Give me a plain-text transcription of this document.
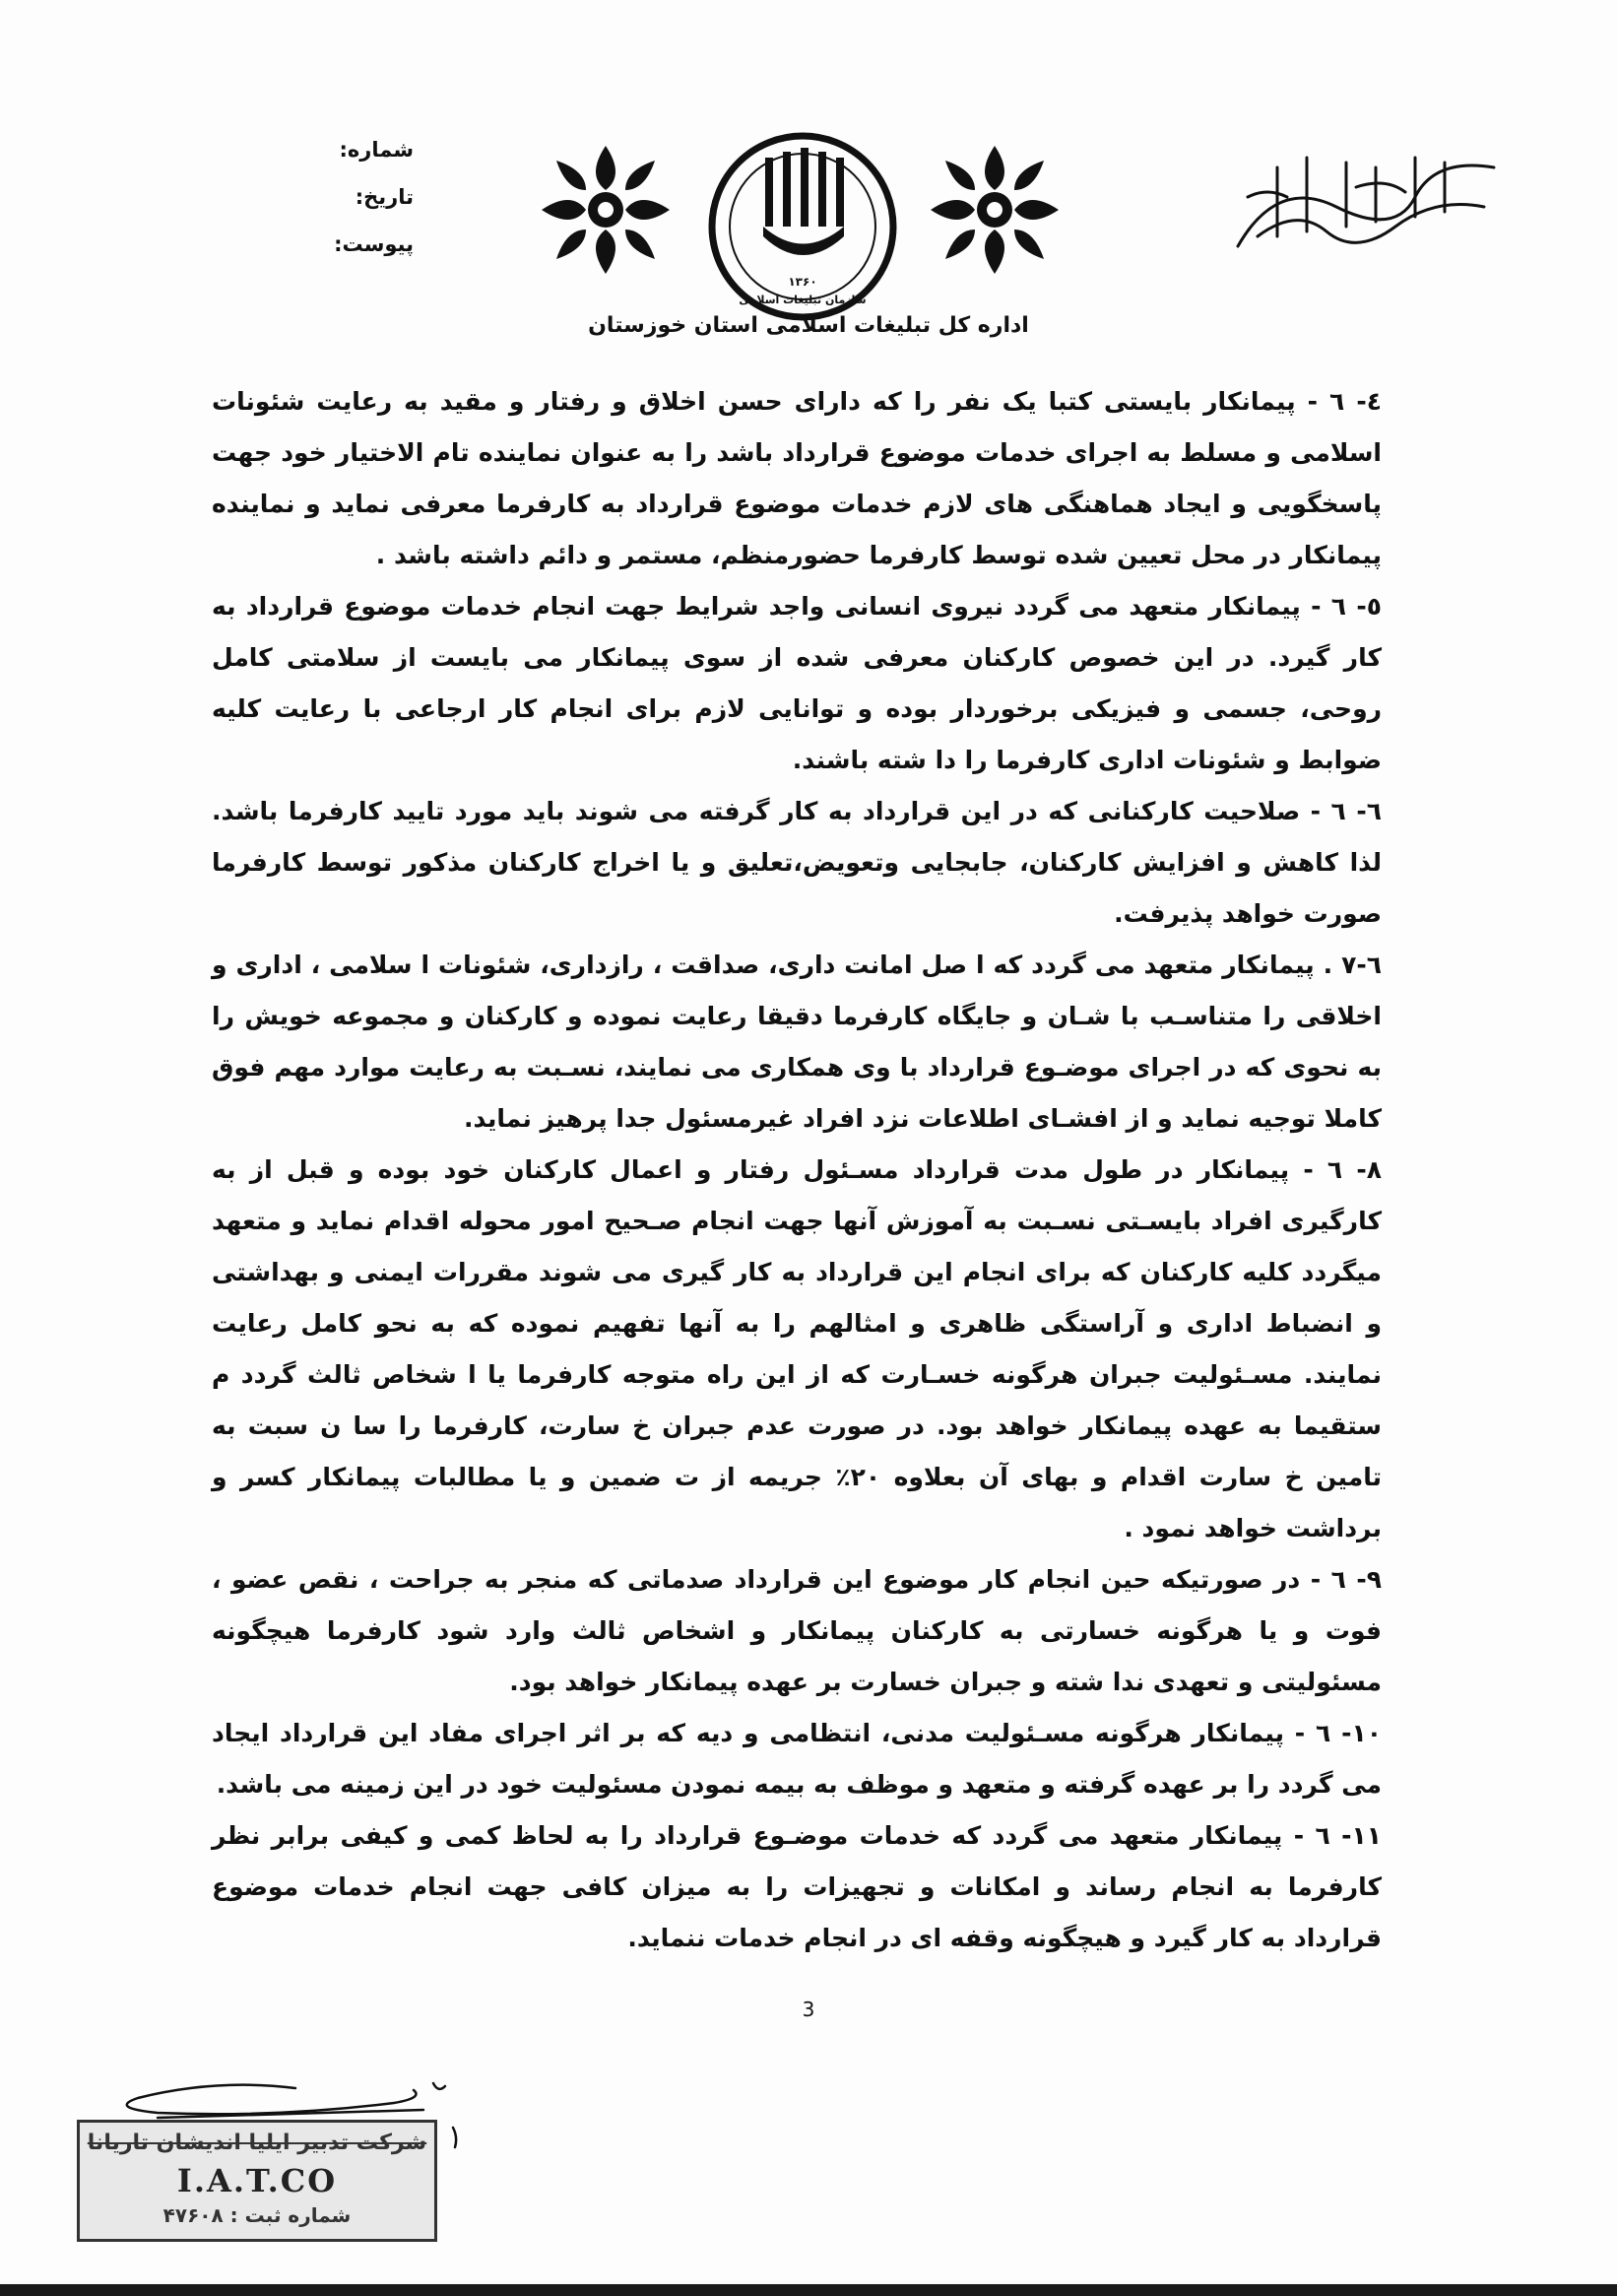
۱۳۶۰
سازمان تبلیغات اسلامی
شماره:
تاریخ:
پیوست:
اداره کل تبلیغات اسلامی استان خوزستان

٤- ٦ - پیمانکار بایستی کتبا یک نفر را که دارای حسن اخلاق و رفتار و مقید به رعایت شئونات اسلامی و مسلط به اجرای خدمات موضوع قرارداد باشد را به عنوان نماینده تام الاختیار خود جهت پاسخگویی و ایجاد هماهنگی های لازم خدمات موضوع قرارداد به کارفرما معرفی نماید و نماینده پیمانکار در محل تعیین شده توسط کارفرما حضورمنظم، مستمر و دائم داشته باشد .

٥- ٦ - پیمانکار متعهد می گردد نیروی انسانی واجد شرایط جهت انجام خدمات موضوع قرارداد به کار گیرد. در این خصوص کارکنان معرفی شده از سوی پیمانکار می بایست از سلامتی کامل روحی، جسمی و فیزیکی برخوردار بوده و توانایی لازم برای انجام کار ارجاعی با رعایت کلیه ضوابط و شئونات اداری کارفرما را دا شته باشند.

٦- ٦ - صلاحیت کارکنانی که در این قرارداد به کار گرفته می شوند باید مورد تایید کارفرما باشد. لذا کاهش و افزایش کارکنان، جابجایی وتعویض،تعلیق و یا اخراج کارکنان مذکور توسط کارفرما صورت خواهد پذیرفت.

٦-٧ . پیمانکار متعهد می گردد که ا صل امانت داری، صداقت ، رازداری، شئونات ا سلامی ، اداری و اخلاقی را متناسـب با شـان و جایگاه کارفرما دقیقا رعایت نموده و کارکنان و مجموعه خویش را به نحوی که در اجرای موضـوع قرارداد با وی همکاری می نمایند، نسـبت به رعایت موارد مهم فوق کاملا توجیه نماید و از افشـای اطلاعات نزد افراد غیرمسئول جدا پرهیز نماید.

٨- ٦ - پیمانکار در طول مدت قرارداد مسـئول رفتار و اعمال کارکنان خود بوده و قبل از به کارگیری افراد بایسـتی نسـبت به آموزش آنها جهت انجام صـحیح امور محوله اقدام نماید و متعهد میگردد کلیه کارکنان که برای انجام این قرارداد به کار گیری می شوند مقررات ایمنی و بهداشتی و انضباط اداری و آراستگی ظاهری و امثالهم را به آنها تفهیم نموده که به نحو کامل رعایت نمایند. مسـئولیت جبران هرگونه خسـارت که از این راه متوجه کارفرما یا ا شخاص ثالث گردد م ستقیما به عهده پیمانکار خواهد بود. در صورت عدم جبران خ سارت، کارفرما را سا ن سبت به تامین خ سارت اقدام و بهای آن بعلاوه ٢٠٪ جریمه از ت ضمین و یا مطالبات پیمانکار کسر و برداشت خواهد نمود .

٩- ٦ - در صورتیکه حین انجام کار موضوع این قرارداد صدماتی که منجر به جراحت ، نقص عضو ، فوت و یا هرگونه خسارتی به کارکنان پیمانکار و اشخاص ثالث وارد شود کارفرما هیچگونه مسئولیتی و تعهدی ندا شته و جبران خسارت بر عهده پیمانکار خواهد بود.

١٠- ٦ - پیمانکار هرگونه مسـئولیت مدنی، انتظامی و دیه که بر اثر اجرای مفاد این قرارداد ایجاد می گردد را بر عهده گرفته و متعهد و موظف به بیمه نمودن مسئولیت خود در این زمینه می باشد.

١١- ٦ - پیمانکار متعهد می گردد که خدمات موضـوع قرارداد را به لحاظ کمی و کیفی برابر نظر کارفرما به انجام رساند و امکانات و تجهیزات را به میزان کافی جهت انجام خدمات موضوع قرارداد به کار گیرد و هیچگونه وقفه ای در انجام خدمات ننماید.

3
شرکت تدبیر ایلیا اندیشان تاریانا
I.A.T.CO
شماره ثبت : ۴۷۶۰۸
